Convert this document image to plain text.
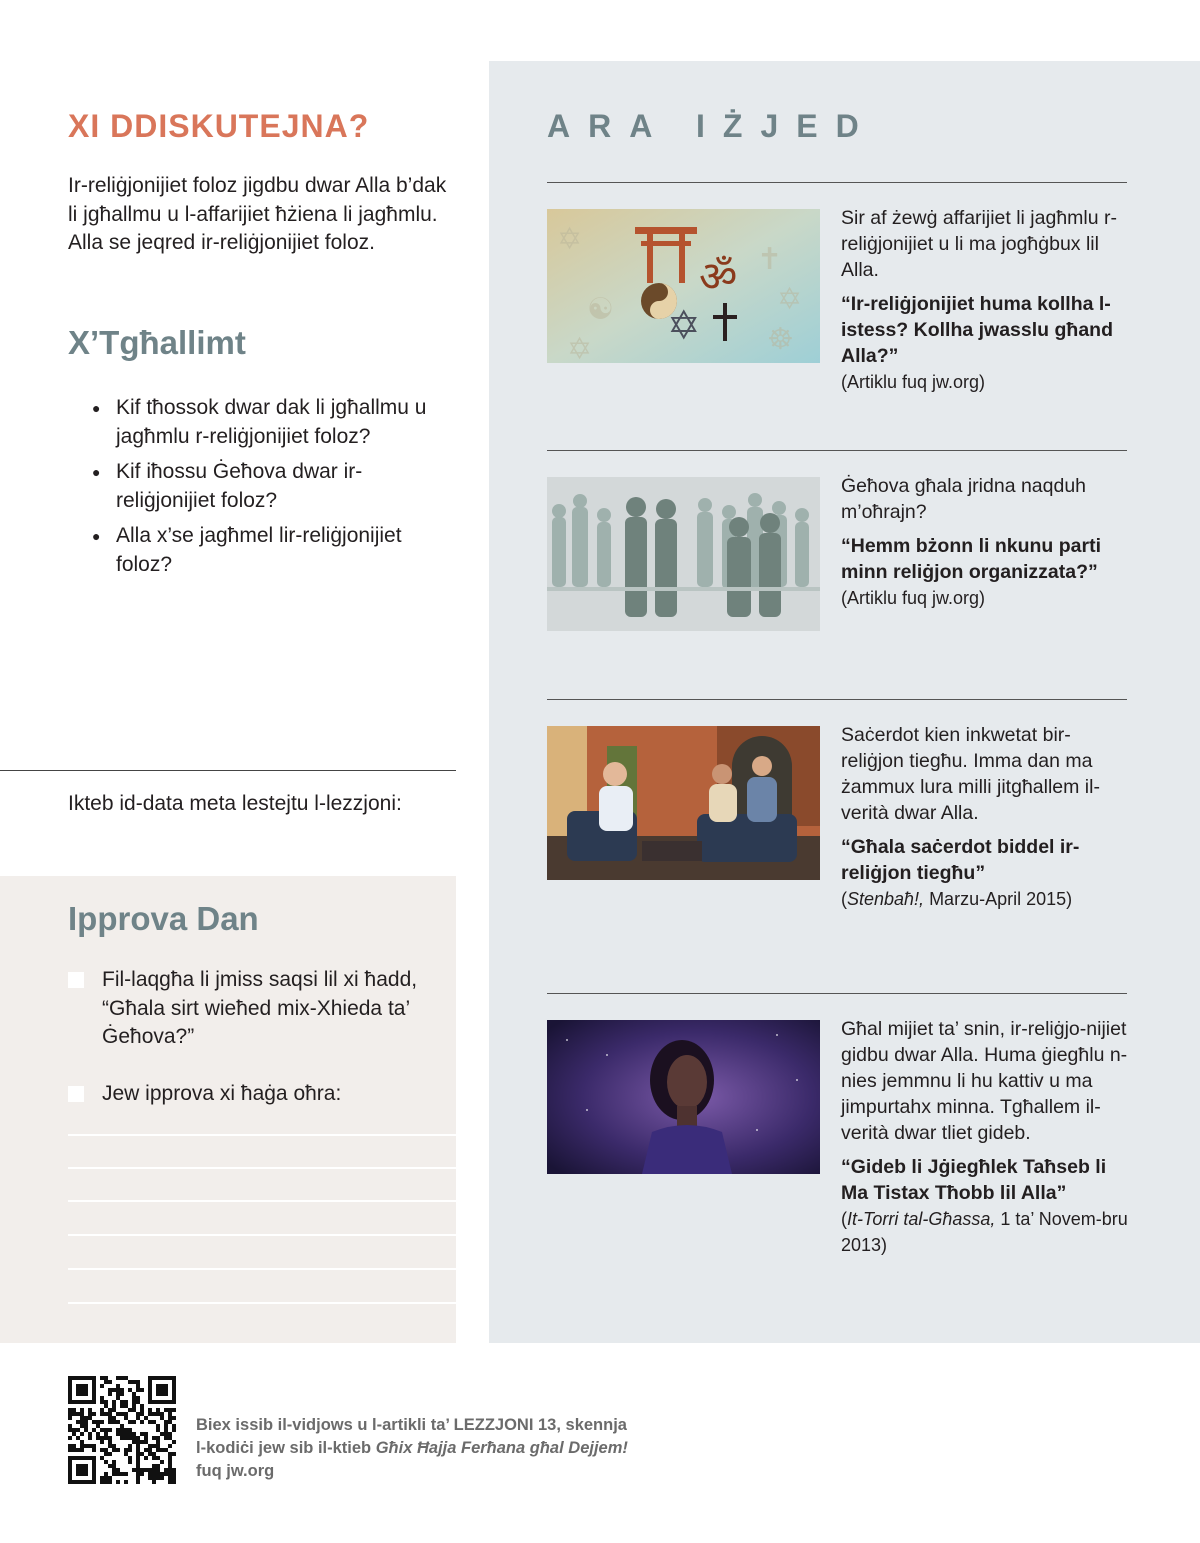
XI DDISKUTEJNA?
Ir-reliġjonijiet foloz jigdbu dwar Alla b’dak li jgħallmu u l-affarijiet ħżiena li jagħmlu. Alla se jeqred ir-reliġjonijiet foloz.
X’Tgħallimt
● Kif tħossok dwar dak li jgħallmu u jagħmlu r-reliġjonijiet foloz?
● Kif iħossu Ġeħova dwar ir-reliġjonijiet foloz?
● Alla x’se jagħmel lir-reliġjonijiet foloz?
Ikteb id-data meta lestejtu l-lezzjoni:
Ipprova Dan
Fil-laqgħa li jmiss saqsi lil xi ħadd, “Għala sirt wieħed mix-Xhieda ta’ Ġeħova?”
Jew ipprova xi ħaġa oħra:
ARA IŻJED
✡
☯
✝
☸
✡
✡
ॐ
✡
Sir af żewġ affarijiet li jagħmlu r-reliġjonijiet u li ma jogħġbux lil Alla.
“Ir-reliġjonijiet huma kollha l-istess? Kollha jwasslu għand Alla?”
(Artiklu fuq jw.org)
Ġeħova għala jridna naqduh m’oħrajn?
“Hemm bżonn li nkunu parti minn reliġjon organizzata?”
(Artiklu fuq jw.org)
Saċerdot kien inkwetat bir-reliġjon tiegħu. Imma dan ma żammux lura milli jitgħallem il-verità dwar Alla.
“Għala saċerdot biddel ir-reliġjon tiegħu”
(Stenbaħ!, Marzu-April 2015)
Għal mijiet ta’ snin, ir-reliġjo-nijiet gidbu dwar Alla. Huma ġiegħlu n-nies jemmnu li hu kattiv u ma jimpurtahx minna. Tgħallem il-verità dwar tliet gideb.
“Gideb li Jġiegħlek Taħseb li Ma Tistax Tħobb lil Alla”
(It-Torri tal-Għassa, 1 ta’ Novem-bru 2013)
Biex issib il-vidjows u l-artikli ta’ LEZZJONI 13, skennja l-kodiċi jew sib il-ktieb Għix Ħajja Ferħana għal Dejjem! fuq jw.org
